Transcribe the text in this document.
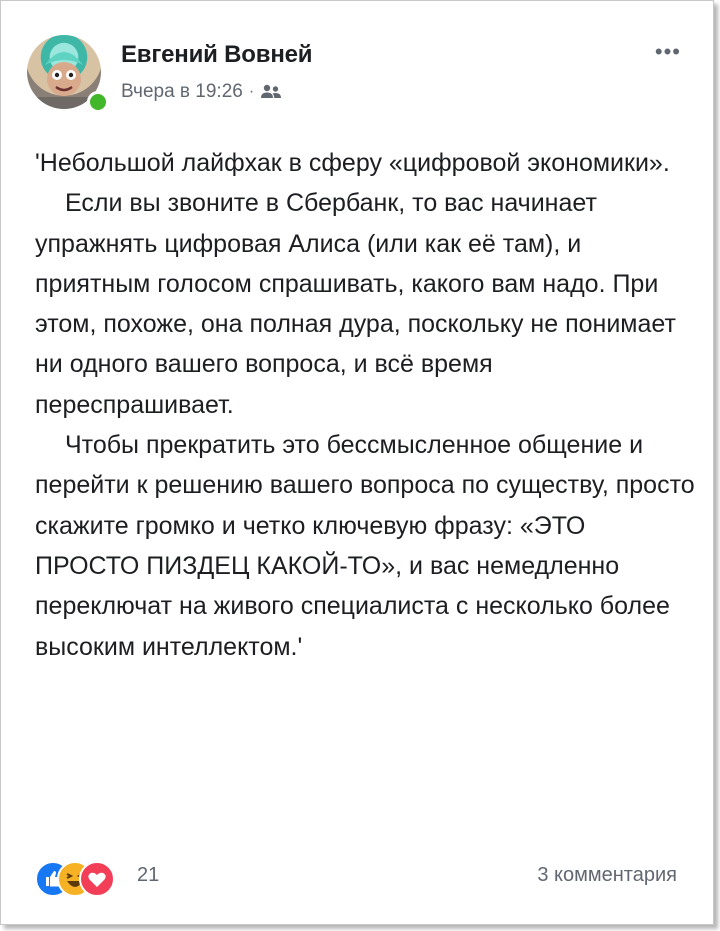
Евгений Вовней
Вчера в 19:26 ·
•••

'Небольшой лайфхак в сферу «цифровой экономики».

Если вы звоните в Сбербанк, то вас начинает упражнять цифровая Алиса (или как её там), и приятным голосом спрашивать, какого вам надо. При этом, похоже, она полная дура, поскольку не понимает ни одного вашего вопроса, и всё время переспрашивает.

Чтобы прекратить это бессмысленное общение и перейти к решению вашего вопроса по существу, просто скажите громко и четко ключевую фразу: «ЭТО ПРОСТО ПИЗДЕЦ КАКОЙ-ТО», и вас немедленно переключат на живого специалиста с несколько более высоким интеллектом.'

21	3 комментария
